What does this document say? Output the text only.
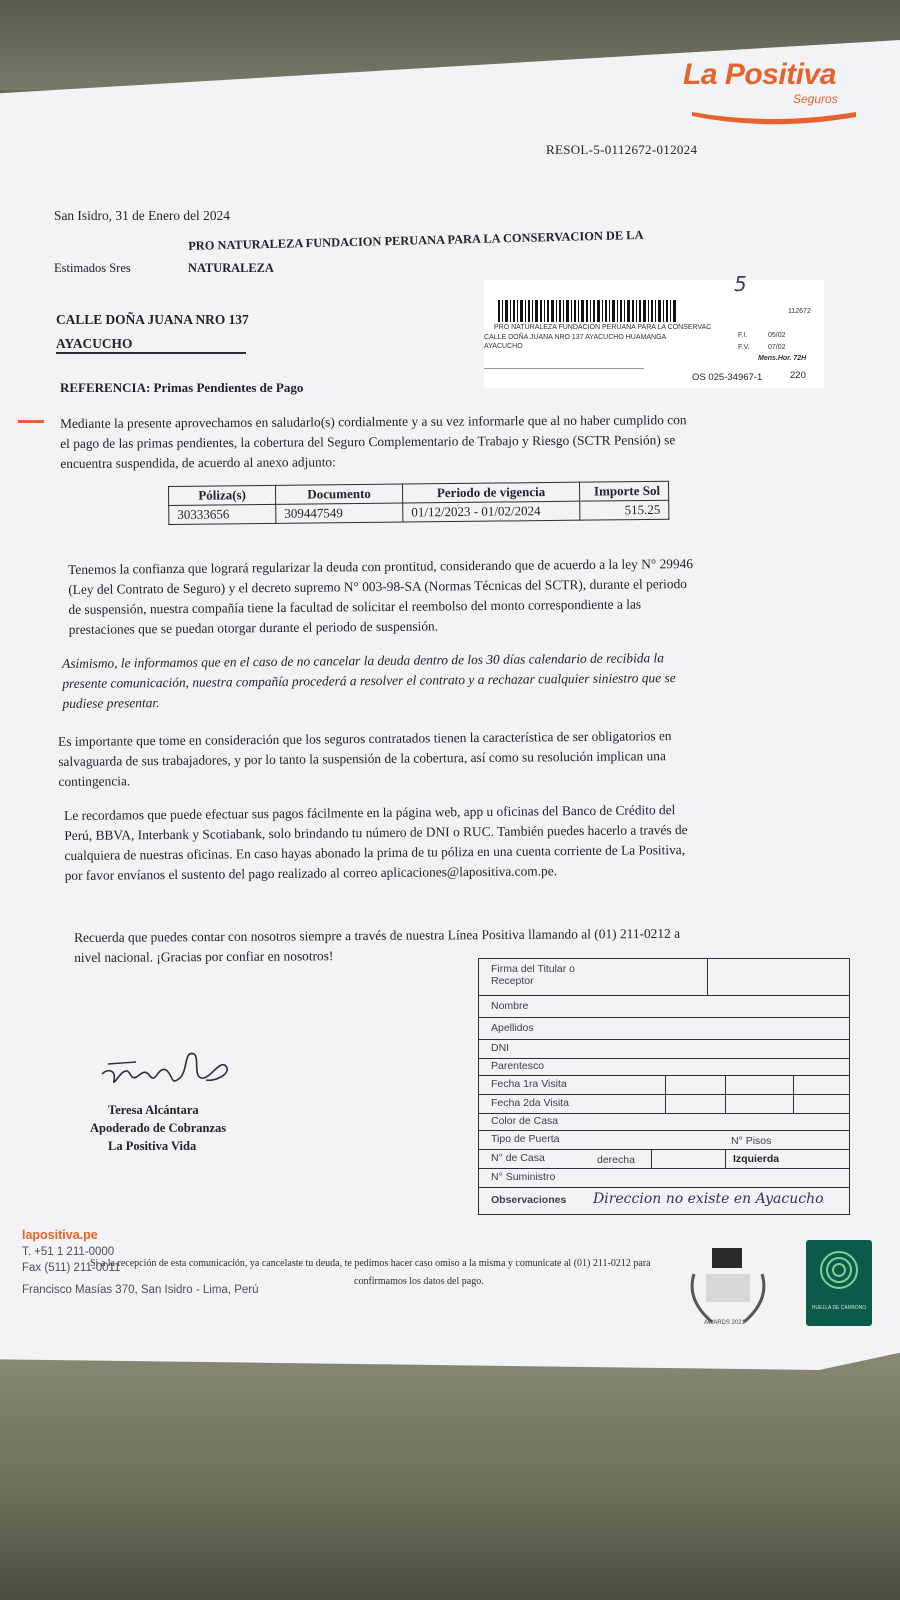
La Positiva
Seguros
RESOL-5-0112672-012024
San Isidro, 31 de Enero del 2024
Estimados Sres
PRO NATURALEZA FUNDACION PERUANA PARA LA CONSERVACION DE LA
NATURALEZA
CALLE DOÑA JUANA NRO 137
AYACUCHO
5
112672
PRO NATURALEZA FUNDACION PERUANA PARA LA CONSERVAC
CALLE DOÑA JUANA NRO 137 AYACUCHO HUAMANGA
AYACUCHO
F.I.	05/02
F.V.	07/02
Mens.Hor. 72H
OS 025-34967-1	220
REFERENCIA: Primas Pendientes de Pago
Mediante la presente aprovechamos en saludarlo(s) cordialmente y a su vez informarle que al no haber cumplido con
el pago de las primas pendientes, la cobertura del Seguro Complementario de Trabajo y Riesgo (SCTR Pensión) se
encuentra suspendida, de acuerdo al anexo adjunto:
Póliza(s)	Documento	Periodo de vigencia	Importe Sol
30333656	309447549	01/12/2023 - 01/02/2024	515.25
Tenemos la confianza que logrará regularizar la deuda con prontitud, considerando que de acuerdo a la ley N° 29946
(Ley del Contrato de Seguro) y el decreto supremo N° 003-98-SA (Normas Técnicas del SCTR), durante el periodo
de suspensión, nuestra compañía tiene la facultad de solicitar el reembolso del monto correspondiente a las
prestaciones que se puedan otorgar durante el periodo de suspensión.
Asimismo, le informamos que en el caso de no cancelar la deuda dentro de los 30 días calendario de recibida la
presente comunicación, nuestra compañía procederá a resolver el contrato y a rechazar cualquier siniestro que se
pudiese presentar.
Es importante que tome en consideración que los seguros contratados tienen la característica de ser obligatorios en
salvaguarda de sus trabajadores, y por lo tanto la suspensión de la cobertura, así como su resolución implican una
contingencia.
Le recordamos que puede efectuar sus pagos fácilmente en la página web, app u oficinas del Banco de Crédito del
Perú, BBVA, Interbank y Scotiabank, solo brindando tu número de DNI o RUC. También puedes hacerlo a través de
cualquiera de nuestras oficinas. En caso hayas abonado la prima de tu póliza en una cuenta corriente de La Positiva,
por favor envíanos el sustento del pago realizado al correo aplicaciones@lapositiva.com.pe.
Recuerda que puedes contar con nosotros siempre a través de nuestra Línea Positiva llamando al (01) 211-0212 a
nivel nacional. ¡Gracias por confiar en nosotros!
Teresa Alcántara
Apoderado de Cobranzas
La Positiva Vida
Firma del Titular o Receptor
Nombre
Apellidos
DNI
Parentesco
Fecha 1ra Visita
Fecha 2da Visita
Color de Casa
Tipo de Puerta	N° Pisos
N° de Casa	derecha	Izquierda
N° Suministro
Observaciones Direccion no existe en Ayacucho
lapositiva.pe
T. +51 1 211-0000
Fax (511) 211-0011
Francisco Masías 370, San Isidro - Lima, Perú
Si a la recepción de esta comunicación, ya cancelaste tu deuda, te pedimos hacer caso omiso a la misma y comunicate al (01) 211-0212 para
confirmamos los datos del pago.
AWARDS 2021
HUELLA DE CARBONO
